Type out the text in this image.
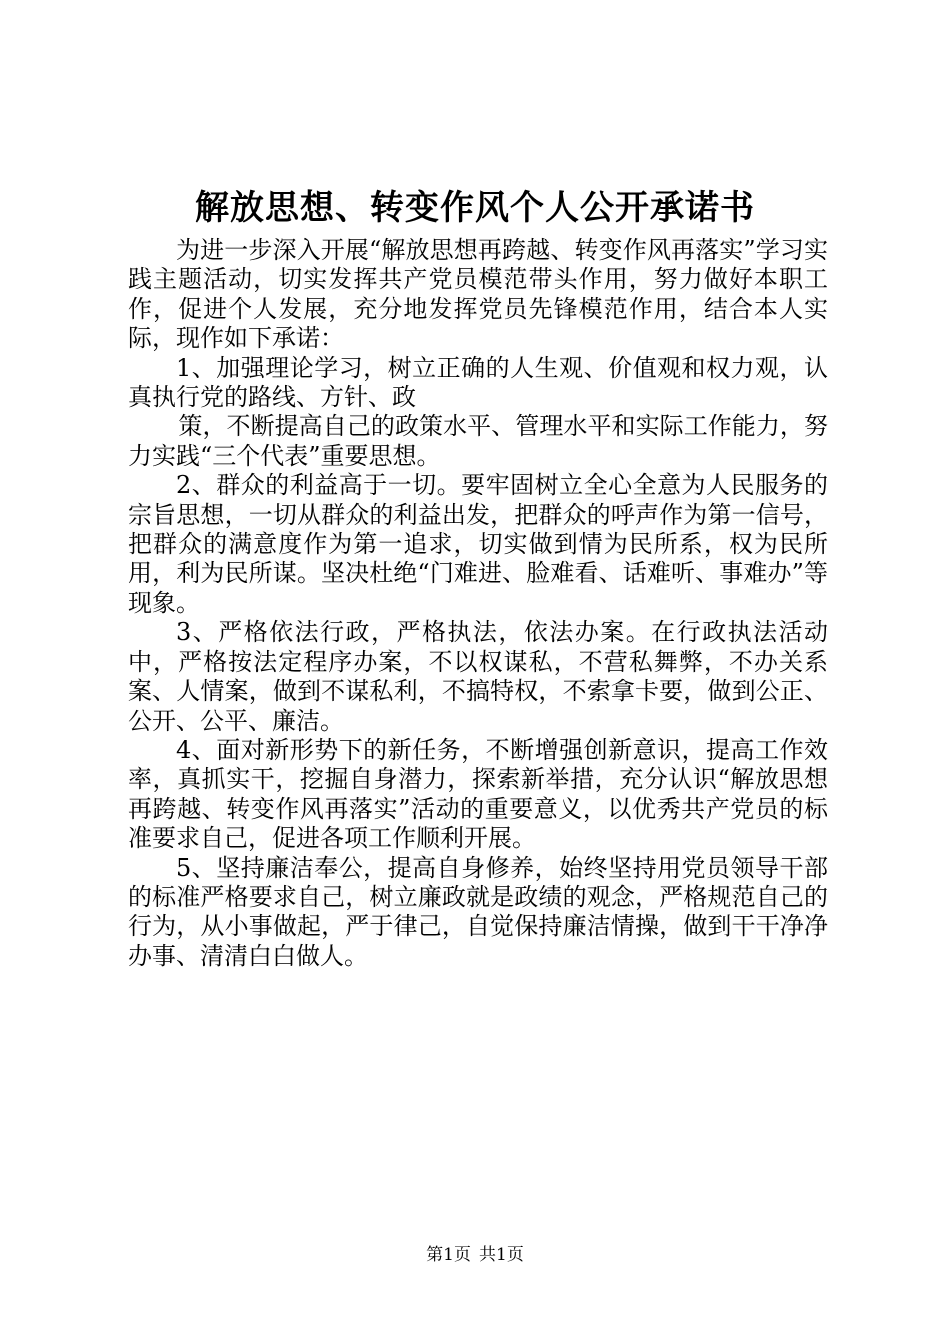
解放思想、转变作风个人公开承诺书

为进一步深入开展“解放思想再跨越、转变作风再落实”学习实践主题活动，切实发挥共产党员模范带头作用，努力做好本职工作，促进个人发展，充分地发挥党员先锋模范作用，结合本人实际，现作如下承诺：

1、加强理论学习，树立正确的人生观、价值观和权力观，认真执行党的路线、方针、政

策，不断提高自己的政策水平、管理水平和实际工作能力，努力实践“三个代表”重要思想。

2、群众的利益高于一切。要牢固树立全心全意为人民服务的宗旨思想，一切从群众的利益出发，把群众的呼声作为第一信号，把群众的满意度作为第一追求，切实做到情为民所系，权为民所用，利为民所谋。坚决杜绝“门难进、脸难看、话难听、事难办”等现象。

3、严格依法行政，严格执法，依法办案。在行政执法活动中，严格按法定程序办案，不以权谋私，不营私舞弊，不办关系案、人情案，做到不谋私利，不搞特权，不索拿卡要，做到公正、公开、公平、廉洁。

4、面对新形势下的新任务，不断增强创新意识，提高工作效率，真抓实干，挖掘自身潜力，探索新举措，充分认识“解放思想再跨越、转变作风再落实”活动的重要意义，以优秀共产党员的标准要求自己，促进各项工作顺利开展。

5、坚持廉洁奉公，提高自身修养，始终坚持用党员领导干部的标准严格要求自己，树立廉政就是政绩的观念，严格规范自己的行为，从小事做起，严于律己，自觉保持廉洁情操，做到干干净净办事、清清白白做人。

第1页 共1页
